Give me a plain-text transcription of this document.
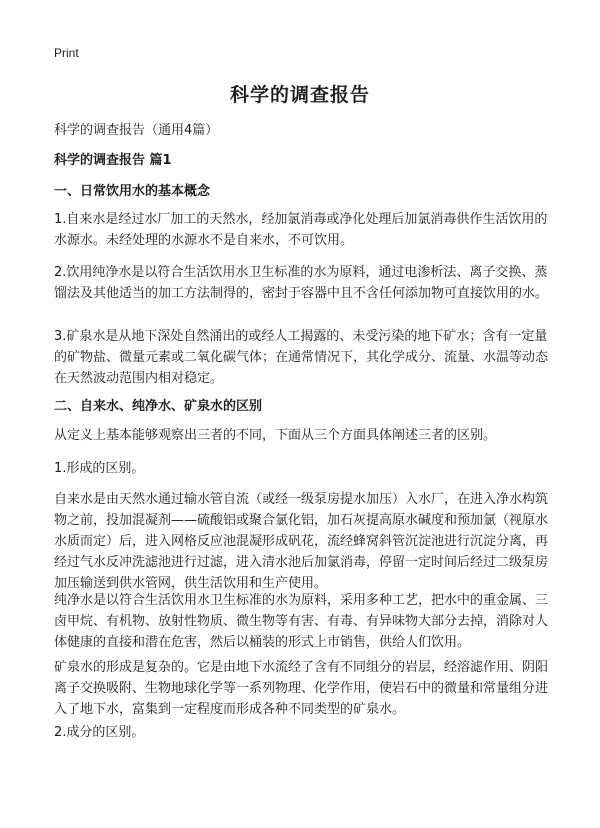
Print
科学的调查报告
科学的调查报告（通用4篇）
科学的调查报告 篇1
一、日常饮用水的基本概念
1.自来水是经过水厂加工的天然水，经加氯消毒或净化处理后加氯消毒供作生活饮用的水源水。未经处理的水源水不是自来水，不可饮用。
2.饮用纯净水是以符合生活饮用水卫生标准的水为原料，通过电渗析法、离子交换、蒸馏法及其他适当的加工方法制得的，密封于容器中且不含任何添加物可直接饮用的水。
3.矿泉水是从地下深处自然涌出的或经人工揭露的、未受污染的地下矿水；含有一定量的矿物盐、微量元素或二氧化碳气体；在通常情况下，其化学成分、流量、水温等动态在天然波动范围内相对稳定。
二、自来水、纯净水、矿泉水的区别
从定义上基本能够观察出三者的不同，下面从三个方面具体阐述三者的区别。
1.形成的区别。
自来水是由天然水通过输水管自流（或经一级泵房提水加压）入水厂，在进入净水构筑物之前，投加混凝剂——硫酸铝或聚合氯化铝，加石灰提高原水碱度和预加氯（视原水水质而定）后，进入网格反应池混凝形成矾花，流经蜂窝斜管沉淀池进行沉淀分离，再经过气水反冲洗滤池进行过滤，进入清水池后加氯消毒，停留一定时间后经过二级泵房加压输送到供水管网，供生活饮用和生产使用。
纯净水是以符合生活饮用水卫生标准的水为原料，采用多种工艺，把水中的重金属、三卤甲烷、有机物、放射性物质、微生物等有害、有毒、有异味物大部分去掉，消除对人体健康的直接和潜在危害，然后以桶装的形式上市销售，供给人们饮用。
矿泉水的形成是复杂的。它是由地下水流经了含有不同组分的岩层，经溶滤作用、阴阳离子交换吸附、生物地球化学等一系列物理、化学作用，使岩石中的微量和常量组分进入了地下水，富集到一定程度而形成各种不同类型的矿泉水。
2.成分的区别。
